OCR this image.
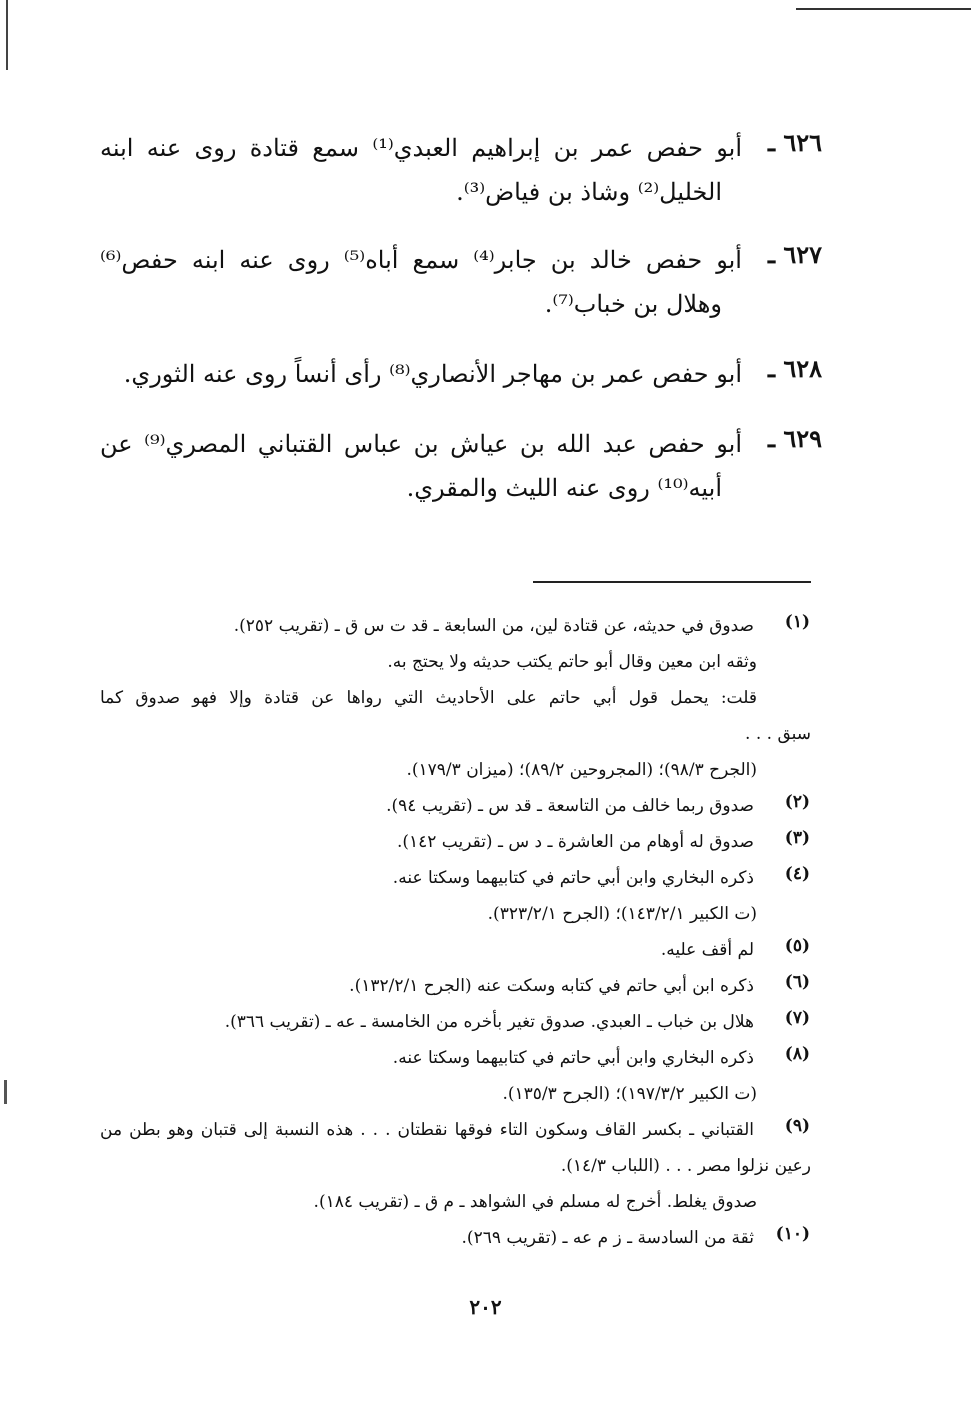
٦٢٦ ـ
أبو حفص عمر بن إبراهيم العبدي⁽¹⁾ سمع قتادة روى عنه ابنه
الخليل⁽²⁾ وشاذ بن فياض⁽³⁾.
٦٢٧ ـ
أبو حفص خالد بن جابر⁽⁴⁾ سمع أباه⁽⁵⁾ روى عنه ابنه حفص⁽⁶⁾
وهلال بن خباب⁽⁷⁾.
٦٢٨ ـ
أبو حفص عمر بن مهاجر الأنصاري⁽⁸⁾ رأى أنساً روى عنه الثوري.
٦٢٩ ـ
أبو حفص عبد الله بن عياش بن عباس القتباني المصري⁽⁹⁾ عن
أبيه⁽¹⁰⁾ روى عنه الليث والمقري.
(١)
صدوق في حديثه، عن قتادة لين، من السابعة ـ قد ت س ق ـ (تقريب ٢٥٢).
وثقه ابن معين وقال أبو حاتم يكتب حديثه ولا يحتج به.
قلت: يحمل قول أبي حاتم على الأحاديث التي رواها عن قتادة وإلا فهو صدوق كما
سبق . . .
(الجرح ٩٨/٣)؛ (المجروحين ٨٩/٢)؛ (ميزان ١٧٩/٣).
(٢)
صدوق ربما خالف من التاسعة ـ قد س ـ (تقريب ٩٤).
(٣)
صدوق له أوهام من العاشرة ـ د س ـ (تقريب ١٤٢).
(٤)
ذكره البخاري وابن أبي حاتم في كتابيهما وسكتا عنه.
(ت الكبير ١٤٣/٢/١)؛ (الجرح ٣٢٣/٢/١).
(٥)
لم أقف عليه.
(٦)
ذكره ابن أبي حاتم في كتابه وسكت عنه (الجرح ١٣٢/٢/١).
(٧)
هلال بن خباب ـ العبدي. صدوق تغير بأخره من الخامسة ـ عه ـ (تقريب ٣٦٦).
(٨)
ذكره البخاري وابن أبي حاتم في كتابيهما وسكتا عنه.
(ت الكبير ١٩٧/٣/٢)؛ (الجرح ١٣٥/٣).
(٩)
القتباني ـ بكسر القاف وسكون التاء فوقها نقطتان . . . هذه النسبة إلى قتبان وهو بطن من
رعين نزلوا مصر . . . (اللباب ١٤/٣).
صدوق يغلط. أخرج له مسلم في الشواهد ـ م ق ـ (تقريب ١٨٤).
(١٠)
ثقة من السادسة ـ ز م عه ـ (تقريب ٢٦٩).
٢٠٢
